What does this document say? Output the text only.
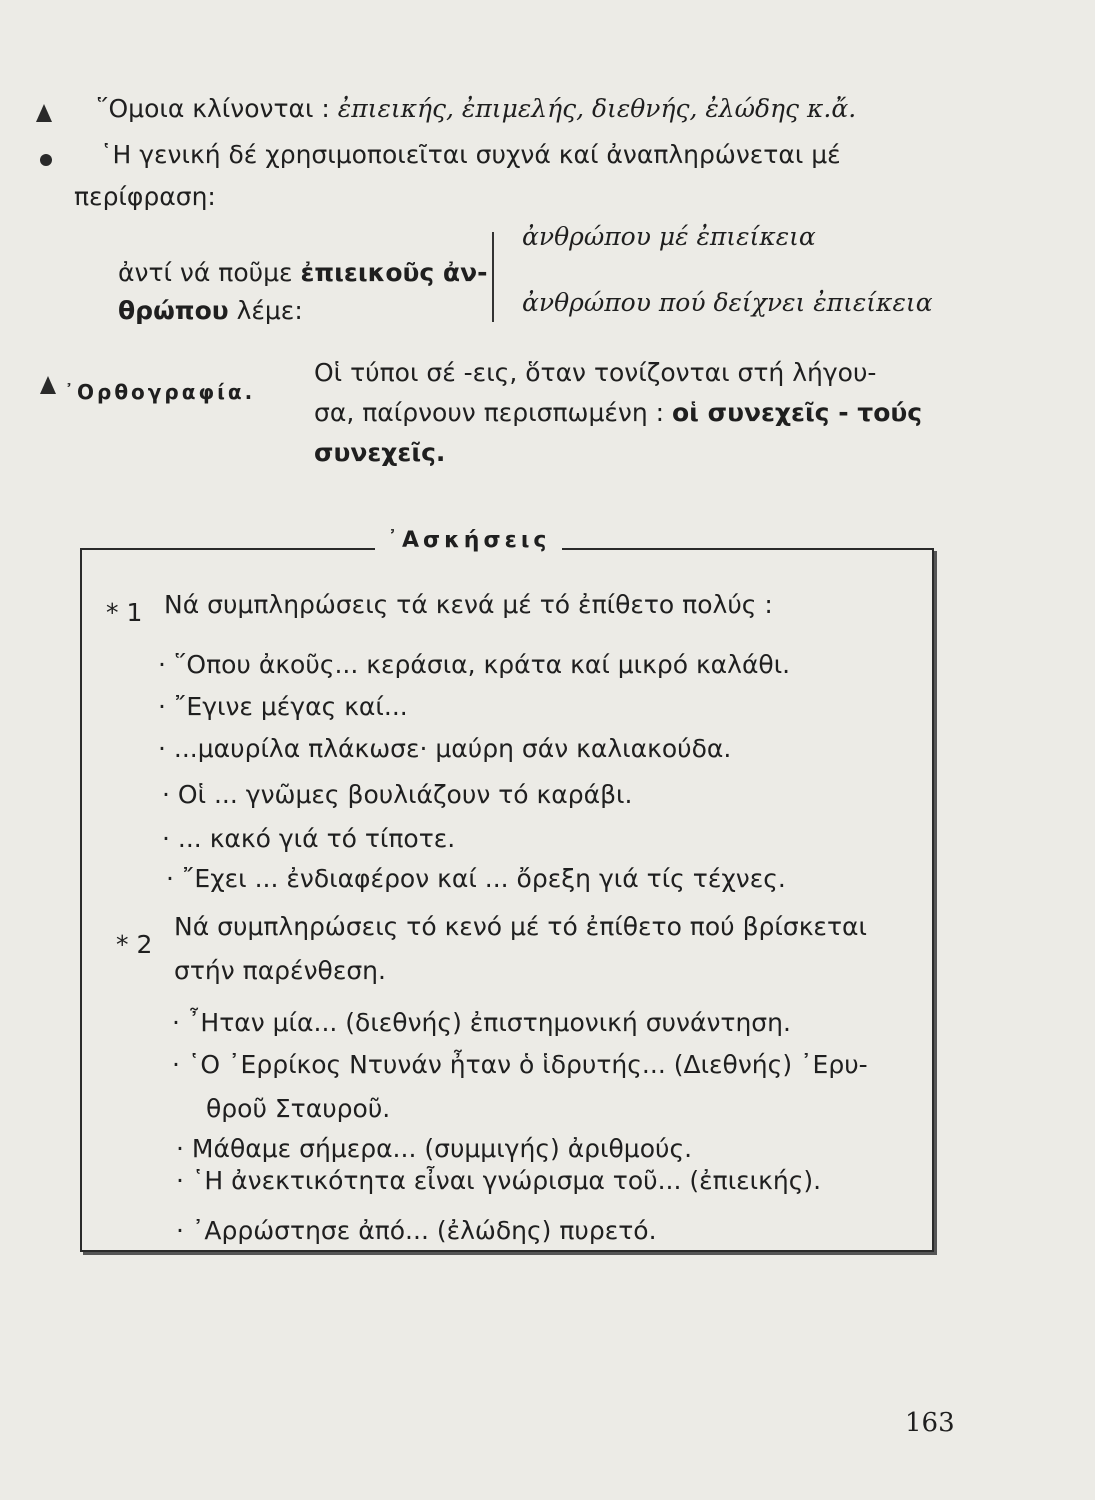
῞Ομοια κλίνονται : ἐπιεικής, ἐπιμελής, διεθνής, ἐλώδης κ.ἄ.
῾Η γενική δέ χρησιμοποιεῖται συχνά καί ἀναπληρώνεται μέ
περίφραση:
ἀντί νά ποῦμε ἐπιεικοῦς ἀν-
θρώπου λέμε:
ἀνθρώπου μέ ἐπιείκεια
ἀνθρώπου πού δείχνει ἐπιείκεια
᾿Ορθογραφία.
Οἱ τύποι σέ -εις, ὅταν τονίζονται στή λήγου-
σα, παίρνουν περισπωμένη : οἱ συνεχεῖς - τούς
συνεχεῖς.
᾿Ασκήσεις
* 1 Νά συμπληρώσεις τά κενά μέ τό ἐπίθετο πολύς :
· ῞Οπου ἀκοῦς... κεράσια, κράτα καί μικρό καλάθι.
· ῎Εγινε μέγας καί...
· ...μαυρίλα πλάκωσε· μαύρη σάν καλιακούδα.
· Οἱ ... γνῶμες βουλιάζουν τό καράβι.
· ... κακό γιά τό τίποτε.
· ῎Εχει ... ἐνδιαφέρον καί ... ὄρεξη γιά τίς τέχνες.
* 2
Νά συμπληρώσεις τό κενό μέ τό ἐπίθετο πού βρίσκεται
στήν παρένθεση.
· ῏Ηταν μία... (διεθνής) ἐπιστημονική συνάντηση.
· ῾Ο ᾿Ερρίκος Ντυνάν ἦταν ὁ ἱδρυτής... (Διεθνής) ᾿Ερυ-
θροῦ Σταυροῦ.
· Μάθαμε σήμερα... (συμμιγής) ἀριθμούς.
· ῾Η ἀνεκτικότητα εἶναι γνώρισμα τοῦ... (ἐπιεικής).
· ᾿Αρρώστησε ἀπό... (ἐλώδης) πυρετό.
163
